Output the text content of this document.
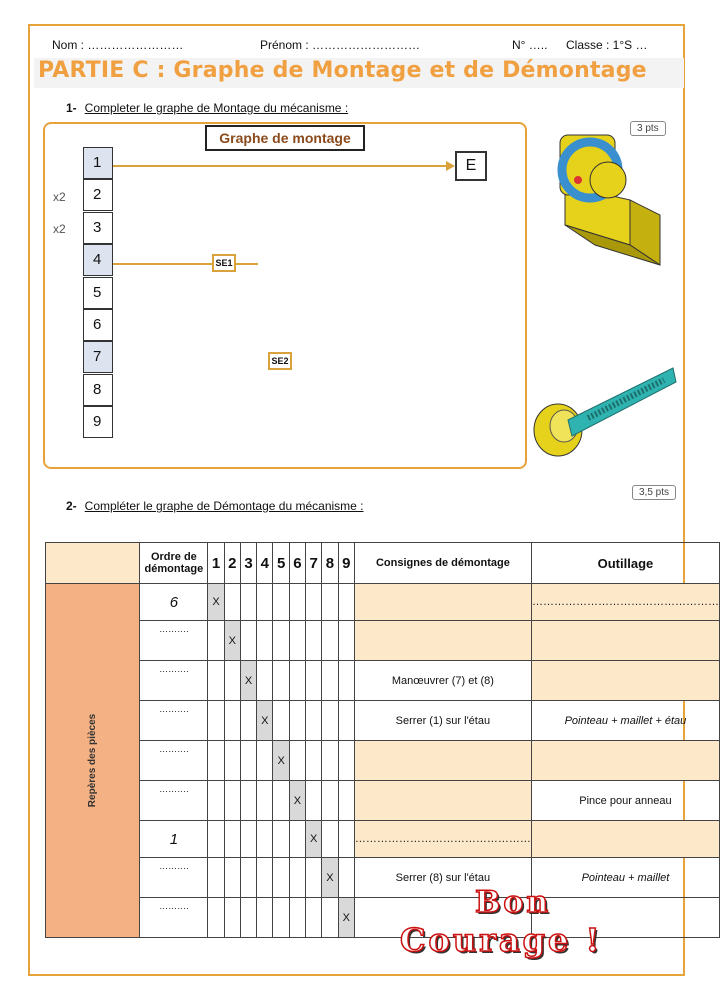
Nom : ……………………	Prénom : ………………………	N° ….. Classe : 1°S …
PARTIE C : Graphe de Montage et de Démontage
1- Completer le graphe de Montage du mécanisme :
3 pts
Graphe de montage
1
2
3
4
5
6
7
8
9
x2
x2
E
SE1
SE2
2- Compléter le graphe de Démontage du mécanisme :
3,5 pts
	Ordre de démontage	1	2	3	4	5	6	7	8	9	Consignes de démontage	Outillage

Repères des pièces	6	X										……………………………………………
	……….		X									
	……….			X							Manœuvrer (7) et (8)	
	……….				X						Serrer (1) sur l'étau	Pointeau + maillet + étau
	……….					X						
	……….						X					Pince pour anneau
	1							X			…………………………………………	
	……….								X		Serrer (8) sur l'étau	Pointeau + maillet
	……….									X			Bon
Courage !
